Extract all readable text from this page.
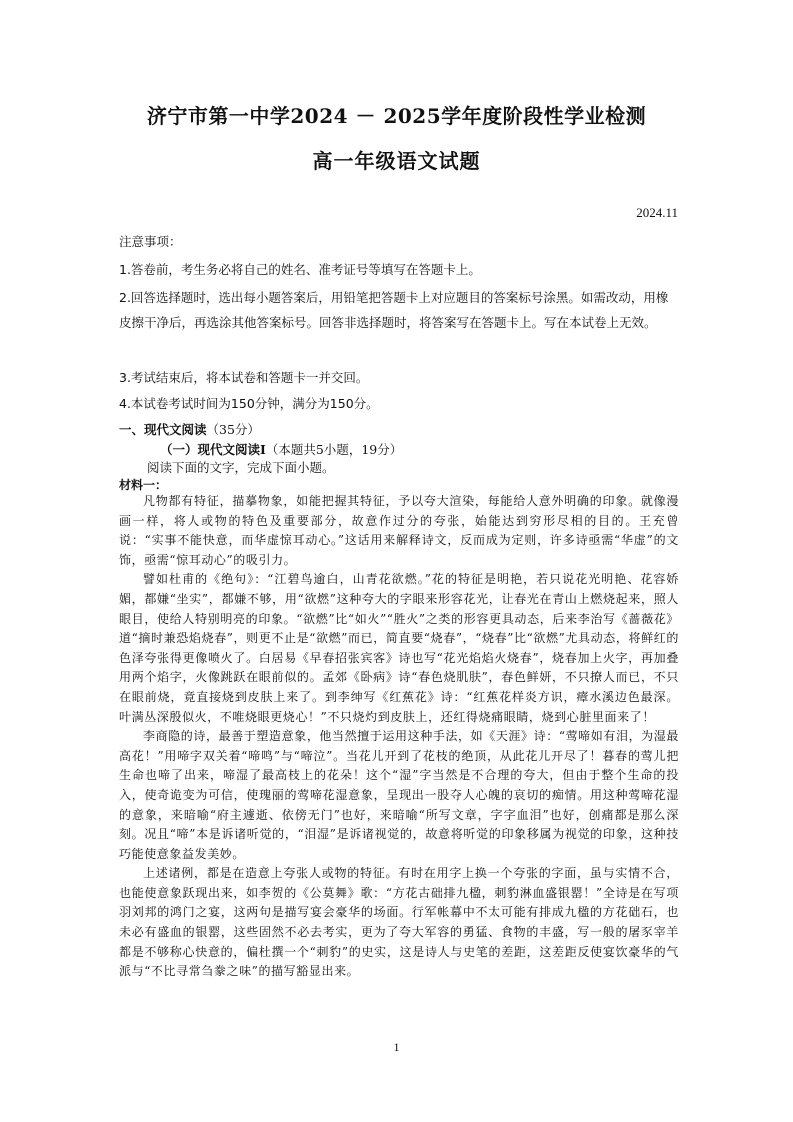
济宁市第一中学2024 － 2025学年度阶段性学业检测
高一年级语文试题
2024.11
注意事项：
1.答卷前，考生务必将自己的姓名、准考证号等填写在答题卡上。
2.回答选择题时，选出每小题答案后，用铅笔把答题卡上对应题目的答案标号涂黑。如需改动，用橡皮擦干净后，再选涂其他答案标号。回答非选择题时，将答案写在答题卡上。写在本试卷上无效。
3.考试结束后，将本试卷和答题卡一并交回。
4.本试卷考试时间为150分钟，满分为150分。
一、现代文阅读（35分）
（一）现代文阅读Ⅰ（本题共5小题，19分）
阅读下面的文字，完成下面小题。
材料一：

凡物都有特征，描摹物象，如能把握其特征，予以夸大渲染，每能给人意外明确的印象。就像漫画一样，将人或物的特色及重要部分，故意作过分的夸张，始能达到穷形尽相的目的。王充曾说：“实事不能快意，而华虚惊耳动心。”这话用来解释诗文，反而成为定则，许多诗亟需“华虚”的文饰，亟需“惊耳动心”的吸引力。

譬如杜甫的《绝句》：“江碧鸟逾白，山青花欲燃。”花的特征是明艳，若只说花光明艳、花容娇媚，都嫌“坐实”，都嫌不够，用“欲燃”这种夸大的字眼来形容花光，让春光在青山上燃烧起来，照人眼目，使给人特别明亮的印象。“欲燃”比“如火”“胜火”之类的形容更具动态，后来李治写《蔷薇花》道“摘时兼恐焰烧春”，则更不止是“欲燃”而已，简直要“烧春”，“烧春”比“欲燃”尤具动态，将鲜红的色泽夸张得更像喷火了。白居易《早春招张宾客》诗也写“花光焰焰火烧春”，烧春加上火字，再加叠用两个焰字，火像跳跃在眼前似的。孟郊《卧病》诗“春色烧肌肤”，春色鲜妍，不只撩人而已，不只在眼前烧，竟直接烧到皮肤上来了。到李绅写《红蕉花》诗：“红蕉花样炎方识，瘴水溪边色最深。叶满丛深殷似火，不唯烧眼更烧心！”不只烧灼到皮肤上，还红得烧痛眼睛，烧到心脏里面来了！

李商隐的诗，最善于塑造意象，他当然擅于运用这种手法，如《天涯》诗：“莺啼如有泪，为湿最高花！”用啼字双关着“啼鸣”与“啼泣”。当花儿开到了花枝的绝顶，从此花儿开尽了！暮春的莺儿把生命也啼了出来，啼湿了最高枝上的花朵！这个“湿”字当然是不合理的夸大，但由于整个生命的投入，使奇诡变为可信，使瑰丽的莺啼花湿意象，呈现出一股夺人心魄的哀切的痴情。用这种莺啼花湿的意象，来暗喻“府主遽逝、依傍无门”也好，来暗喻“所写文章，字字血泪”也好，创痛都是那么深刻。况且“啼”本是诉诸听觉的，“泪湿”是诉诸视觉的，故意将听觉的印象移属为视觉的印象，这种技巧能使意象益发美妙。

上述诸例，都是在造意上夸张人或物的特征。有时在用字上换一个夸张的字面，虽与实情不合，也能使意象跃现出来，如李贺的《公莫舞》歌：“方花古础排九楹，刺豹淋血盛银罂！”全诗是在写项羽刘邦的鸿门之宴，这两句是描写宴会豪华的场面。行军帐幕中不太可能有排成九楹的方花础石，也未必有盛血的银罂，这些固然不必去考实，更为了夸大军容的勇猛、食物的丰盛，写一般的屠豕宰羊都是不够称心快意的，偏杜撰一个“刺豹”的史实，这是诗人与史笔的差距，这差距反使宴饮豪华的气派与“不比寻常刍豢之味”的描写豁显出来。

1
